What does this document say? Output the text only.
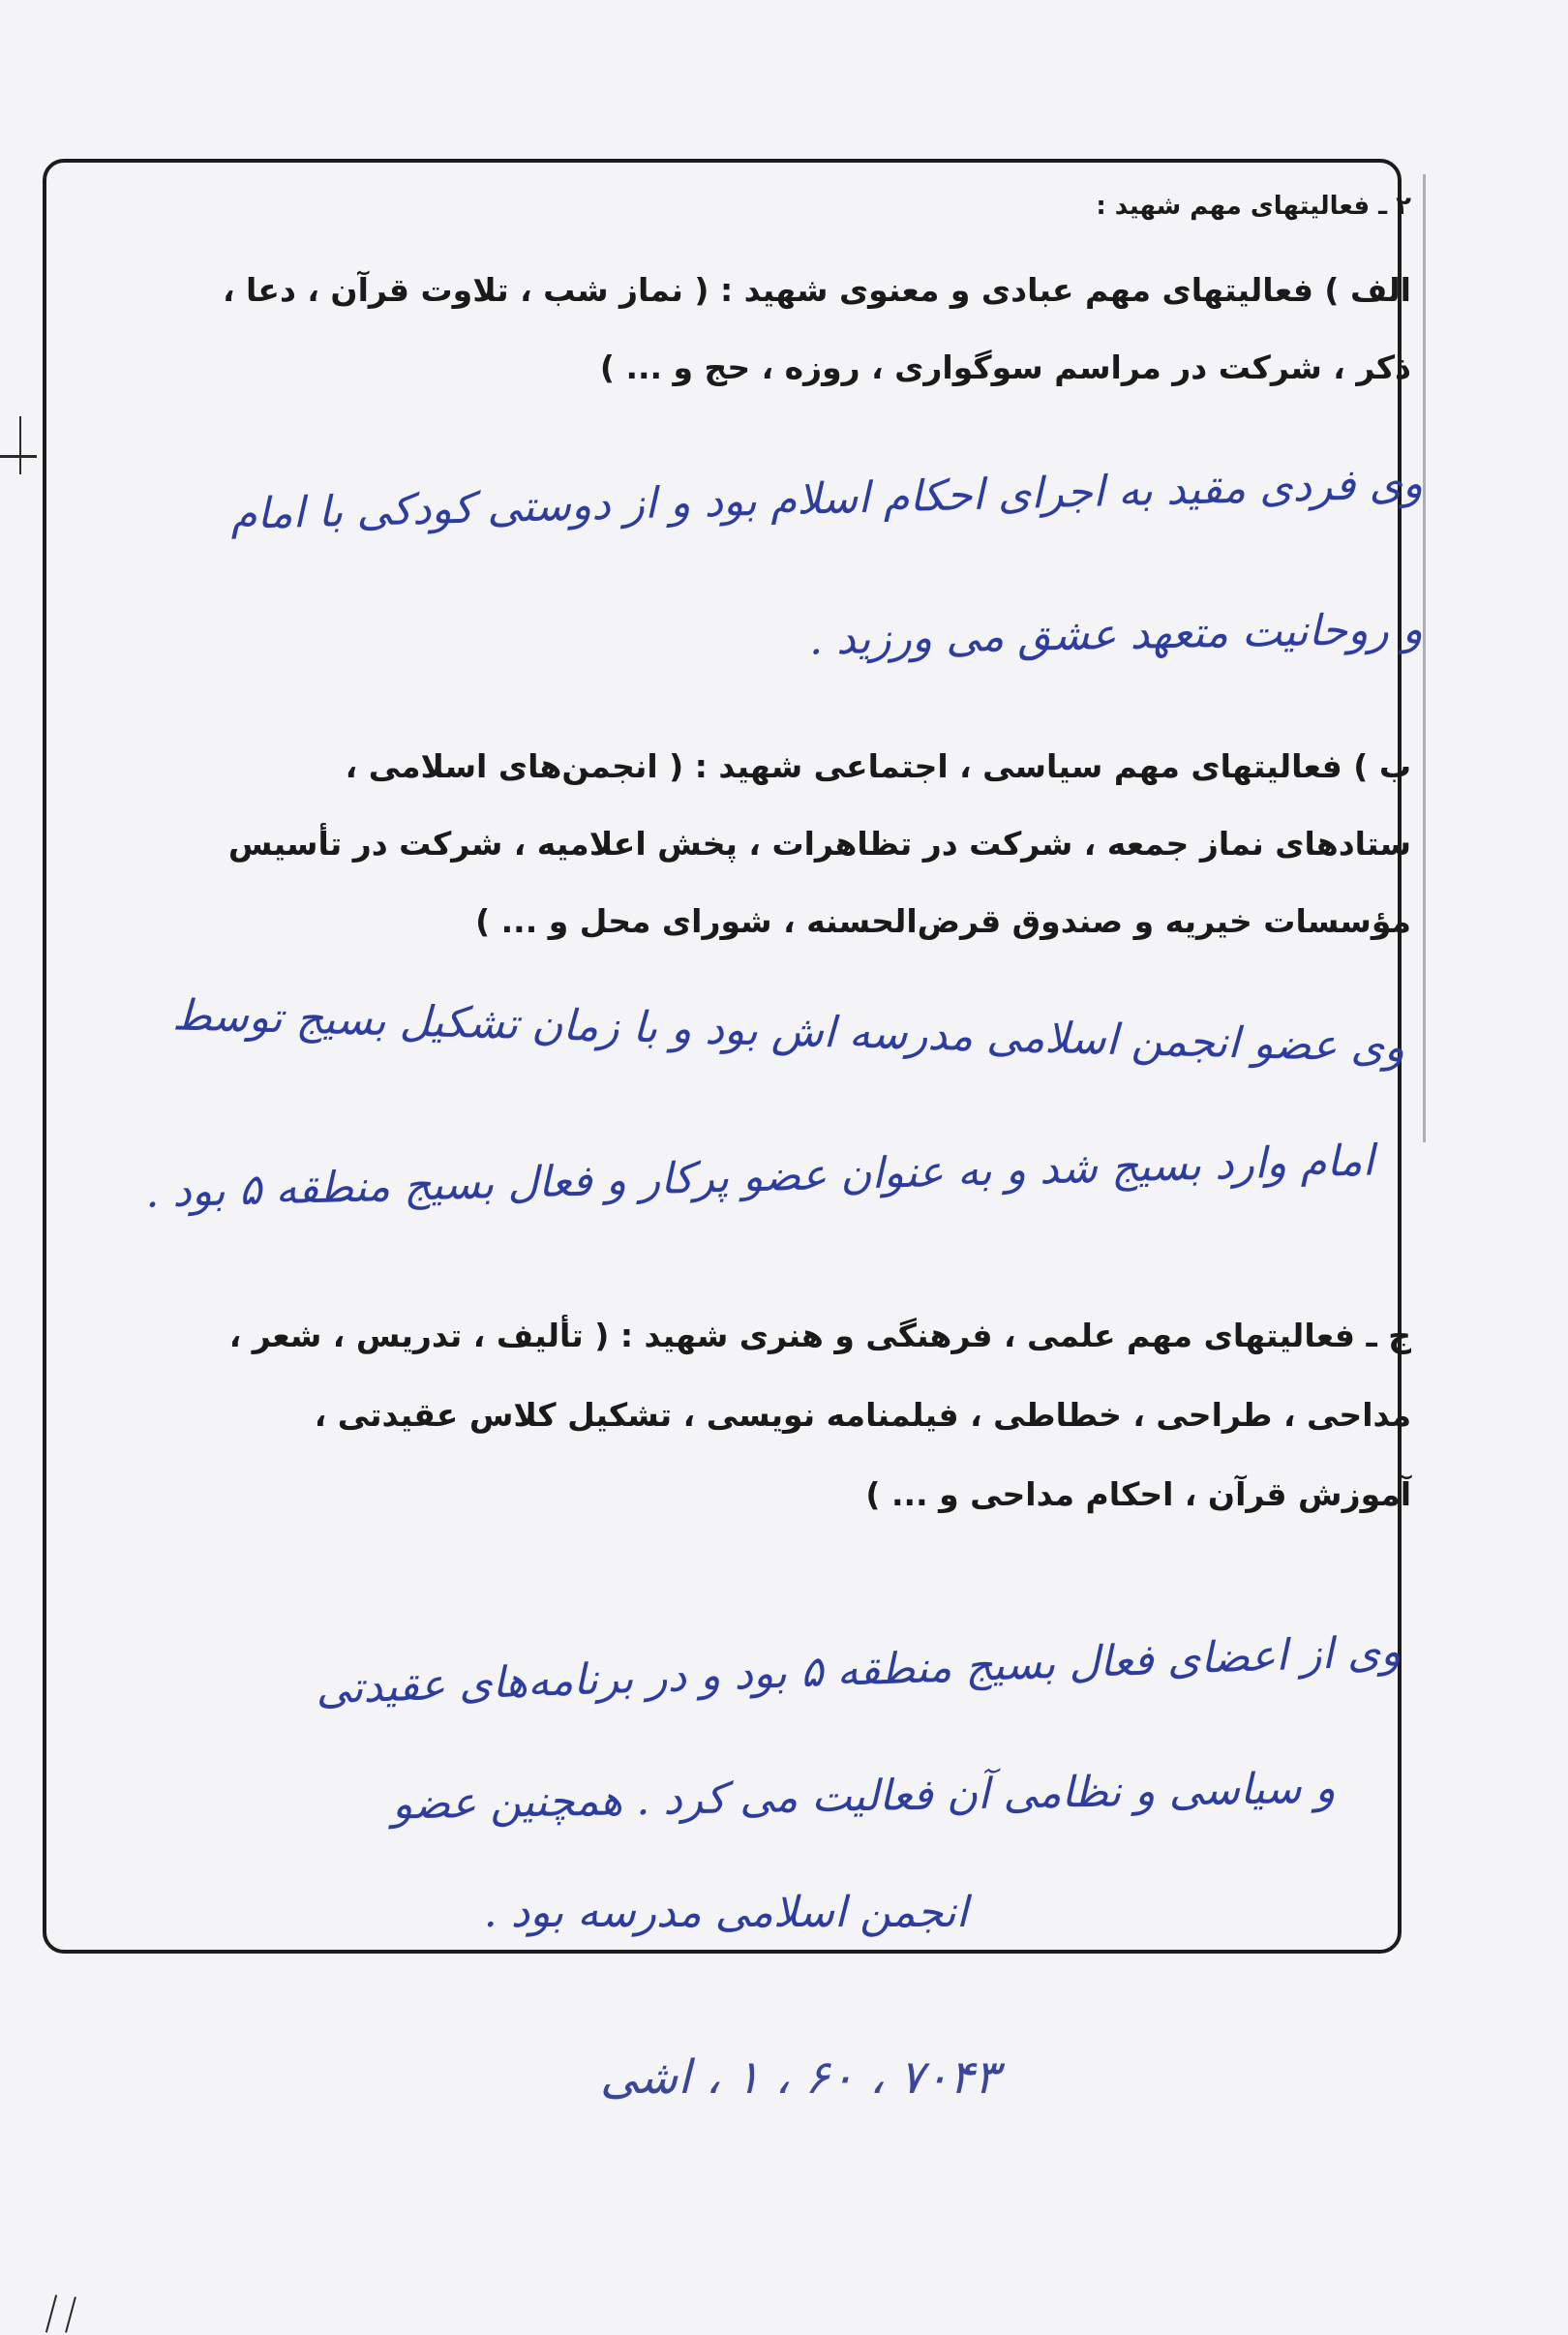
۲ ـ فعالیتهای مهم شهید :
الف ) فعالیتهای مهم عبادی و معنوی شهید : ( نماز شب ، تلاوت قرآن ، دعا ،
ذکر ، شرکت در مراسم سوگواری ، روزه ، حج و ... )
وی فردی مقید به اجرای احکام اسلام بود و از دوستی کودکی با امام
و روحانیت متعهد عشق می ورزید .
ب ) فعالیتهای مهم سیاسی ، اجتماعی شهید : ( انجمن‌های اسلامی ،
ستادهای نماز جمعه ، شرکت در تظاهرات ، پخش اعلامیه ، شرکت در تأسیس
مؤسسات خیریه و صندوق قرض‌الحسنه ، شورای محل و ... )
وی عضو انجمن اسلامی مدرسه اش بود و با زمان تشکیل بسیج توسط
امام وارد بسیج شد و به عنوان عضو پرکار و فعال بسیج منطقه ۵ بود .
ج ـ فعالیتهای مهم علمی ، فرهنگی و هنری شهید : ( تألیف ، تدریس ، شعر ،
مداحی ، طراحی ، خطاطی ، فیلمنامه نویسی ، تشکیل کلاس عقیدتی ،
آموزش قرآن ، احکام مداحی و ... )
وی از اعضای فعال بسیج منطقه ۵ بود و در برنامه‌های عقیدتی
و سیاسی و نظامی آن فعالیت می کرد . همچنین عضو
انجمن اسلامی مدرسه بود .
۷۰۴۳ ، ۶۰ ، ۱ ، اشی
